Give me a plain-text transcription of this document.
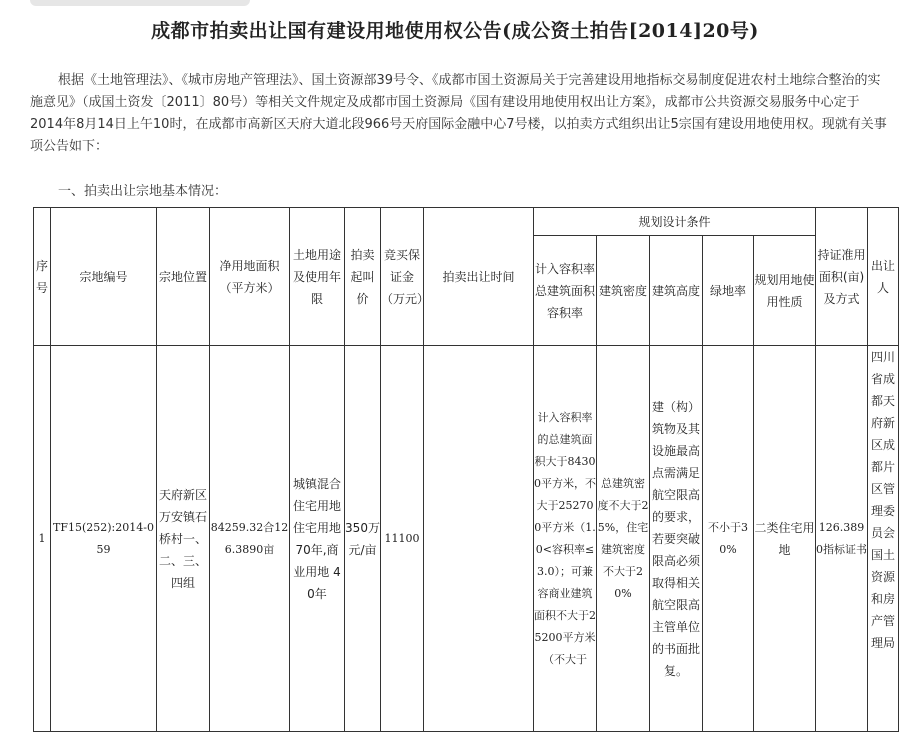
成都市拍卖出让国有建设用地使用权公告(成公资土拍告[2014]20号)
根据《土地管理法》、《城市房地产管理法》、国土资源部39号令、《成都市国土资源局关于完善建设用地指标交易制度促进农村土地综合整治的实施意见》（成国土资发〔2011〕80号）等相关文件规定及成都市国土资源局《国有建设用地使用权出让方案》，成都市公共资源交易服务中心定于2014年8月14日上午10时，在成都市高新区天府大道北段966号天府国际金融中心7号楼，以拍卖方式组织出让5宗国有建设用地使用权。现就有关事项公告如下：
一、拍卖出让宗地基本情况：
序号	宗地编号	宗地位置	净用地面积（平方米）	土地用途及使用年限	拍卖起叫价	竞买保证金（万元）	拍卖出让时间	规划设计条件					持证准用面积(亩)及方式	出让人
								计入容积率总建筑面积 容积率	建筑密度	建筑高度	绿地率	规划用地使用性质		
1	TF15(252):2014-059	天府新区万安镇石桥村一、二、三、四组	84259.32合126.3890亩	城镇混合住宅用地住宅用地70年,商业用地 40年	350万元/亩	11100		计入容积率的总建筑面积大于84300平方米，不大于252700平方米（1.0<容积率≤3.0）；可兼容商业建筑面积不大于25200平方米（不大于	总建筑密度不大于25%，住宅建筑密度不大于20%	建（构）筑物及其设施最高点需满足航空限高的要求，若要突破限高必须取得相关航空限高主管单位的书面批复。	不小于30%	二类住宅用地	126.3890指标证书	四川省成都天府新区成都片区管理委员会国土资源和房产管理局
